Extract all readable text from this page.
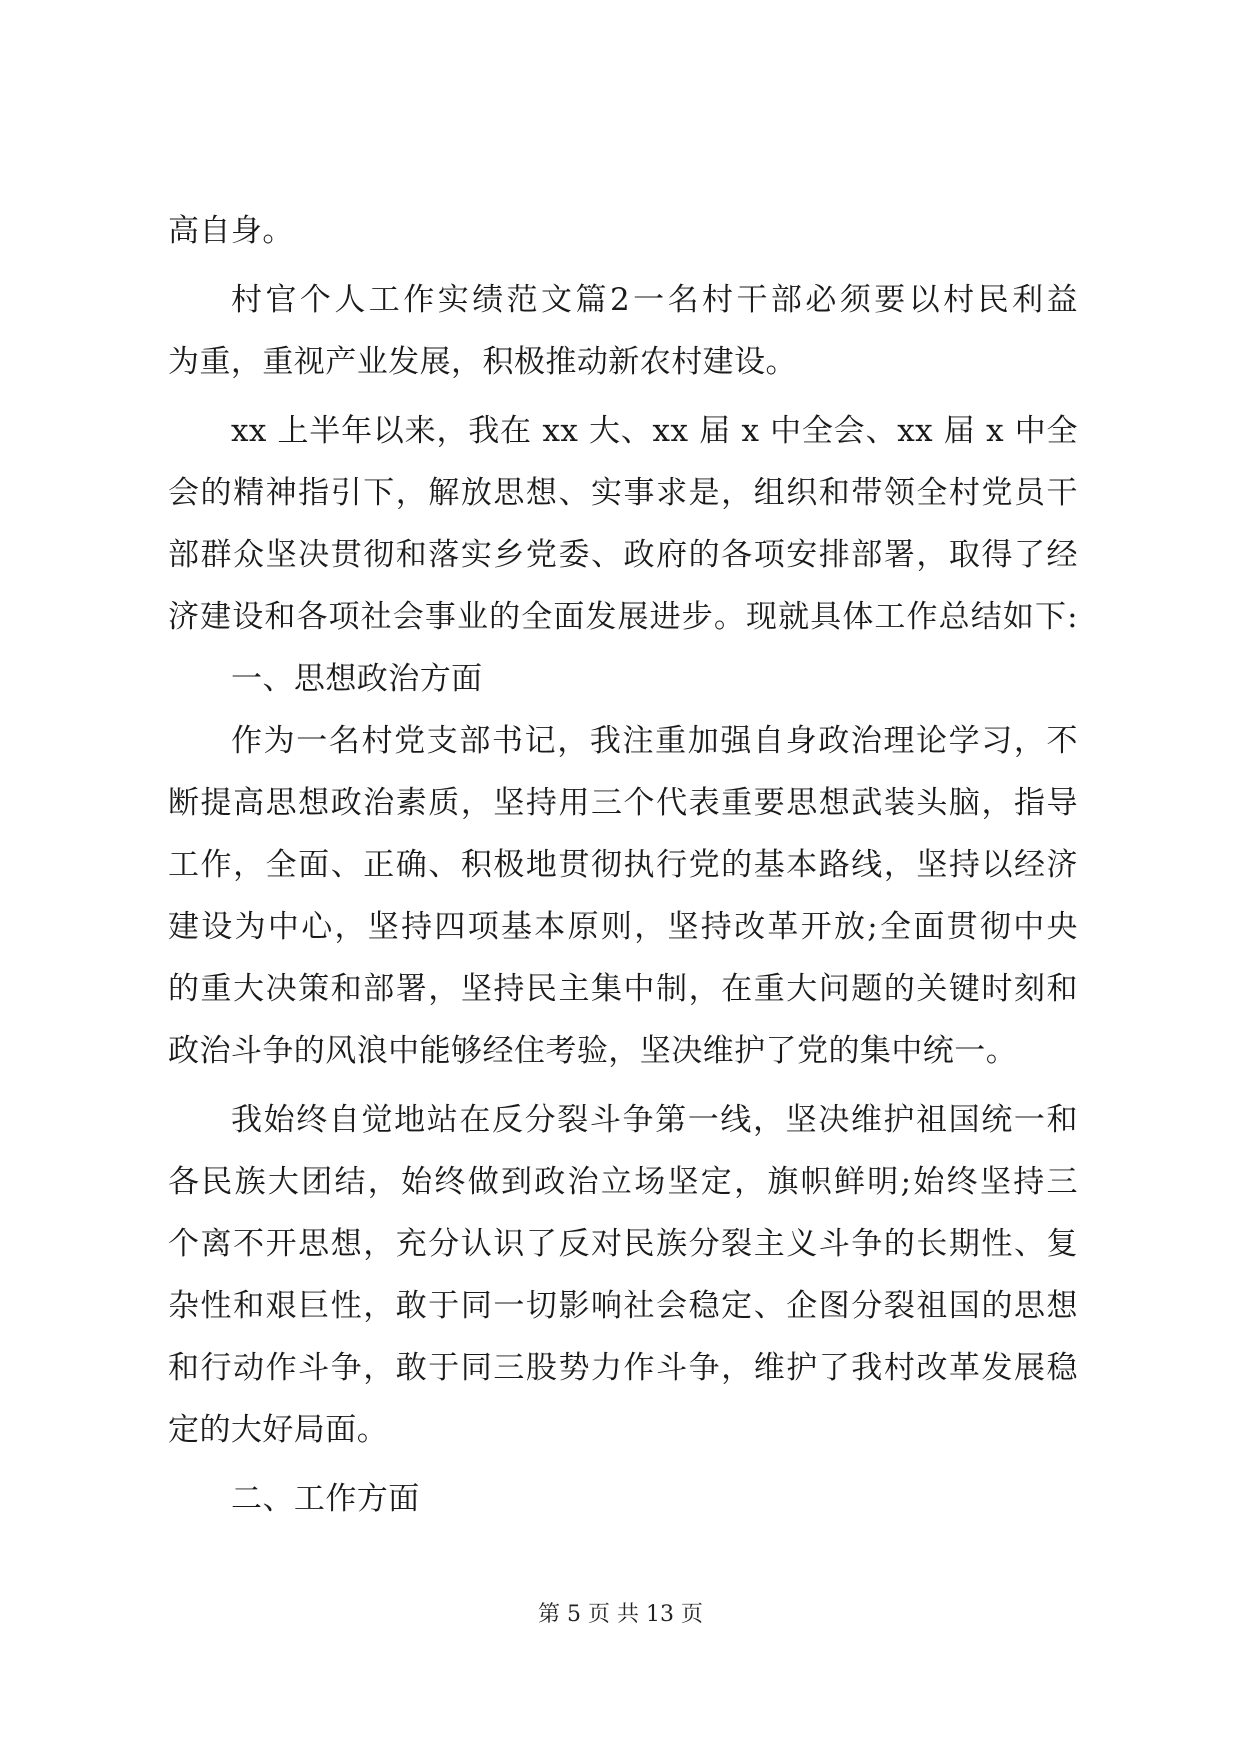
高自身。
村官个人工作实绩范文篇2一名村干部必须要以村民利益
为重，重视产业发展，积极推动新农村建设。
xx 上半年以来，我在 xx 大、xx 届 x 中全会、xx 届 x 中全
会的精神指引下，解放思想、实事求是，组织和带领全村党员干
部群众坚决贯彻和落实乡党委、政府的各项安排部署，取得了经
济建设和各项社会事业的全面发展进步。现就具体工作总结如下:
一、思想政治方面
作为一名村党支部书记，我注重加强自身政治理论学习，不
断提高思想政治素质，坚持用三个代表重要思想武装头脑，指导
工作，全面、正确、积极地贯彻执行党的基本路线，坚持以经济
建设为中心，坚持四项基本原则，坚持改革开放;全面贯彻中央
的重大决策和部署，坚持民主集中制，在重大问题的关键时刻和
政治斗争的风浪中能够经住考验，坚决维护了党的集中统一。
我始终自觉地站在反分裂斗争第一线，坚决维护祖国统一和
各民族大团结，始终做到政治立场坚定，旗帜鲜明;始终坚持三
个离不开思想，充分认识了反对民族分裂主义斗争的长期性、复
杂性和艰巨性，敢于同一切影响社会稳定、企图分裂祖国的思想
和行动作斗争，敢于同三股势力作斗争，维护了我村改革发展稳
定的大好局面。
二、工作方面
第 5 页 共 13 页
